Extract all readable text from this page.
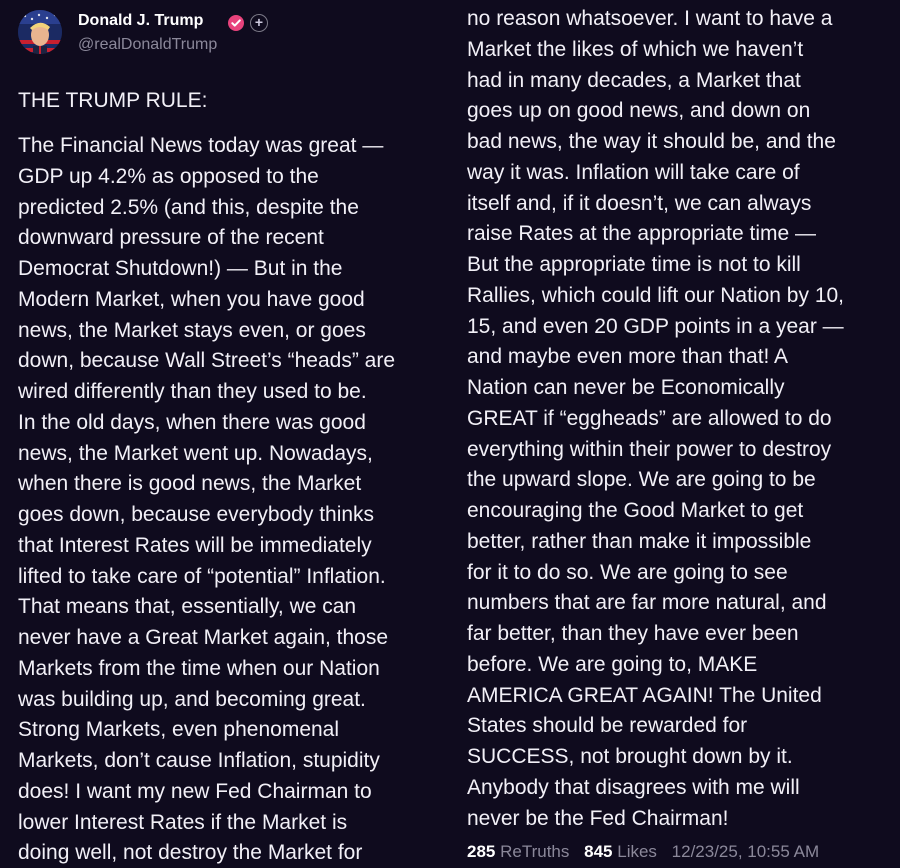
Donald J. Trump	+
@realDonaldTrump
THE TRUMP RULE:
The Financial News today was great —
GDP up 4.2% as opposed to the
predicted 2.5% (and this, despite the
downward pressure of the recent
Democrat Shutdown!) — But in the
Modern Market, when you have good
news, the Market stays even, or goes
down, because Wall Street’s “heads” are
wired differently than they used to be.
In the old days, when there was good
news, the Market went up. Nowadays,
when there is good news, the Market
goes down, because everybody thinks
that Interest Rates will be immediately
lifted to take care of “potential” Inflation.
That means that, essentially, we can
never have a Great Market again, those
Markets from the time when our Nation
was building up, and becoming great.
Strong Markets, even phenomenal
Markets, don’t cause Inflation, stupidity
does! I want my new Fed Chairman to
lower Interest Rates if the Market is
doing well, not destroy the Market for
no reason whatsoever. I want to have a
Market the likes of which we haven’t
had in many decades, a Market that
goes up on good news, and down on
bad news, the way it should be, and the
way it was. Inflation will take care of
itself and, if it doesn’t, we can always
raise Rates at the appropriate time —
But the appropriate time is not to kill
Rallies, which could lift our Nation by 10,
15, and even 20 GDP points in a year —
and maybe even more than that! A
Nation can never be Economically
GREAT if “eggheads” are allowed to do
everything within their power to destroy
the upward slope. We are going to be
encouraging the Good Market to get
better, rather than make it impossible
for it to do so. We are going to see
numbers that are far more natural, and
far better, than they have ever been
before. We are going to, MAKE
AMERICA GREAT AGAIN! The United
States should be rewarded for
SUCCESS, not brought down by it.
Anybody that disagrees with me will
never be the Fed Chairman!
285 ReTruths 845 Likes 12/23/25, 10:55 AM
